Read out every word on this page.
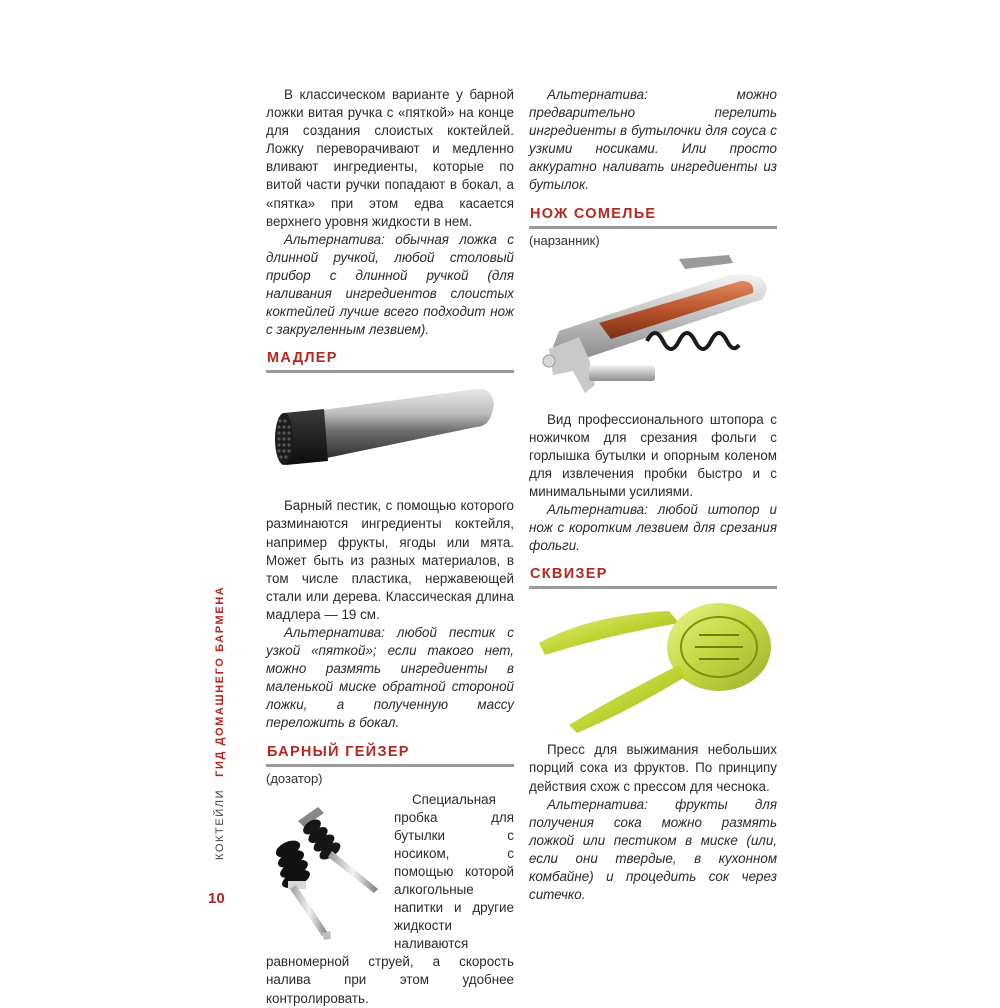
В классическом варианте у барной ложки витая ручка с «пяткой» на конце для создания слоистых коктейлей. Ложку переворачивают и медленно вливают ингредиенты, которые по витой части ручки попадают в бокал, а «пятка» при этом едва касается верхнего уровня жидкости в нем.

Альтернатива: обычная ложка с длинной ручкой, любой столовый прибор с длинной ручкой (для наливания ингредиентов слоистых коктейлей лучше всего подходит нож с закругленным лезвием).

МАДЛЕР

Барный пестик, с помощью которого разминаются ингредиенты коктейля, например фрукты, ягоды или мята. Может быть из разных материалов, в том числе пластика, нержавеющей стали или дерева. Классическая длина мадлера — 19 см.

Альтернатива: любой пестик с узкой «пяткой»; если такого нет, можно размять ингредиенты в маленькой миске обратной стороной ложки, а полученную массу переложить в бокал.

БАРНЫЙ ГЕЙЗЕР
(дозатор)

Специальная пробка для бутылки с носиком, с помощью которой алкогольные напитки и другие жидкости наливаются равномерной струей, а скорость налива при этом удобнее контролировать.

Альтернатива: можно предварительно перелить ингредиенты в бутылочки для соуса с узкими носиками. Или просто аккуратно наливать ингредиенты из бутылок.

НОЖ СОМЕЛЬЕ
(нарзанник)

Вид профессионального штопора с ножичком для срезания фольги с горлышка бутылки и опорным коленом для извлечения пробки быстро и с минимальными усилиями.

Альтернатива: любой штопор и нож с коротким лезвием для срезания фольги.

СКВИЗЕР

Пресс для выжимания небольших порций сока из фруктов. По принципу действия схож с прессом для чеснока.

Альтернатива: фрукты для получения сока можно размять ложкой или пестиком в миске (или, если они твердые, в кухонном комбайне) и процедить сок через ситечко.

КОКТЕЙЛИ
ГИД ДОМАШНЕГО БАРМЕНА
10
